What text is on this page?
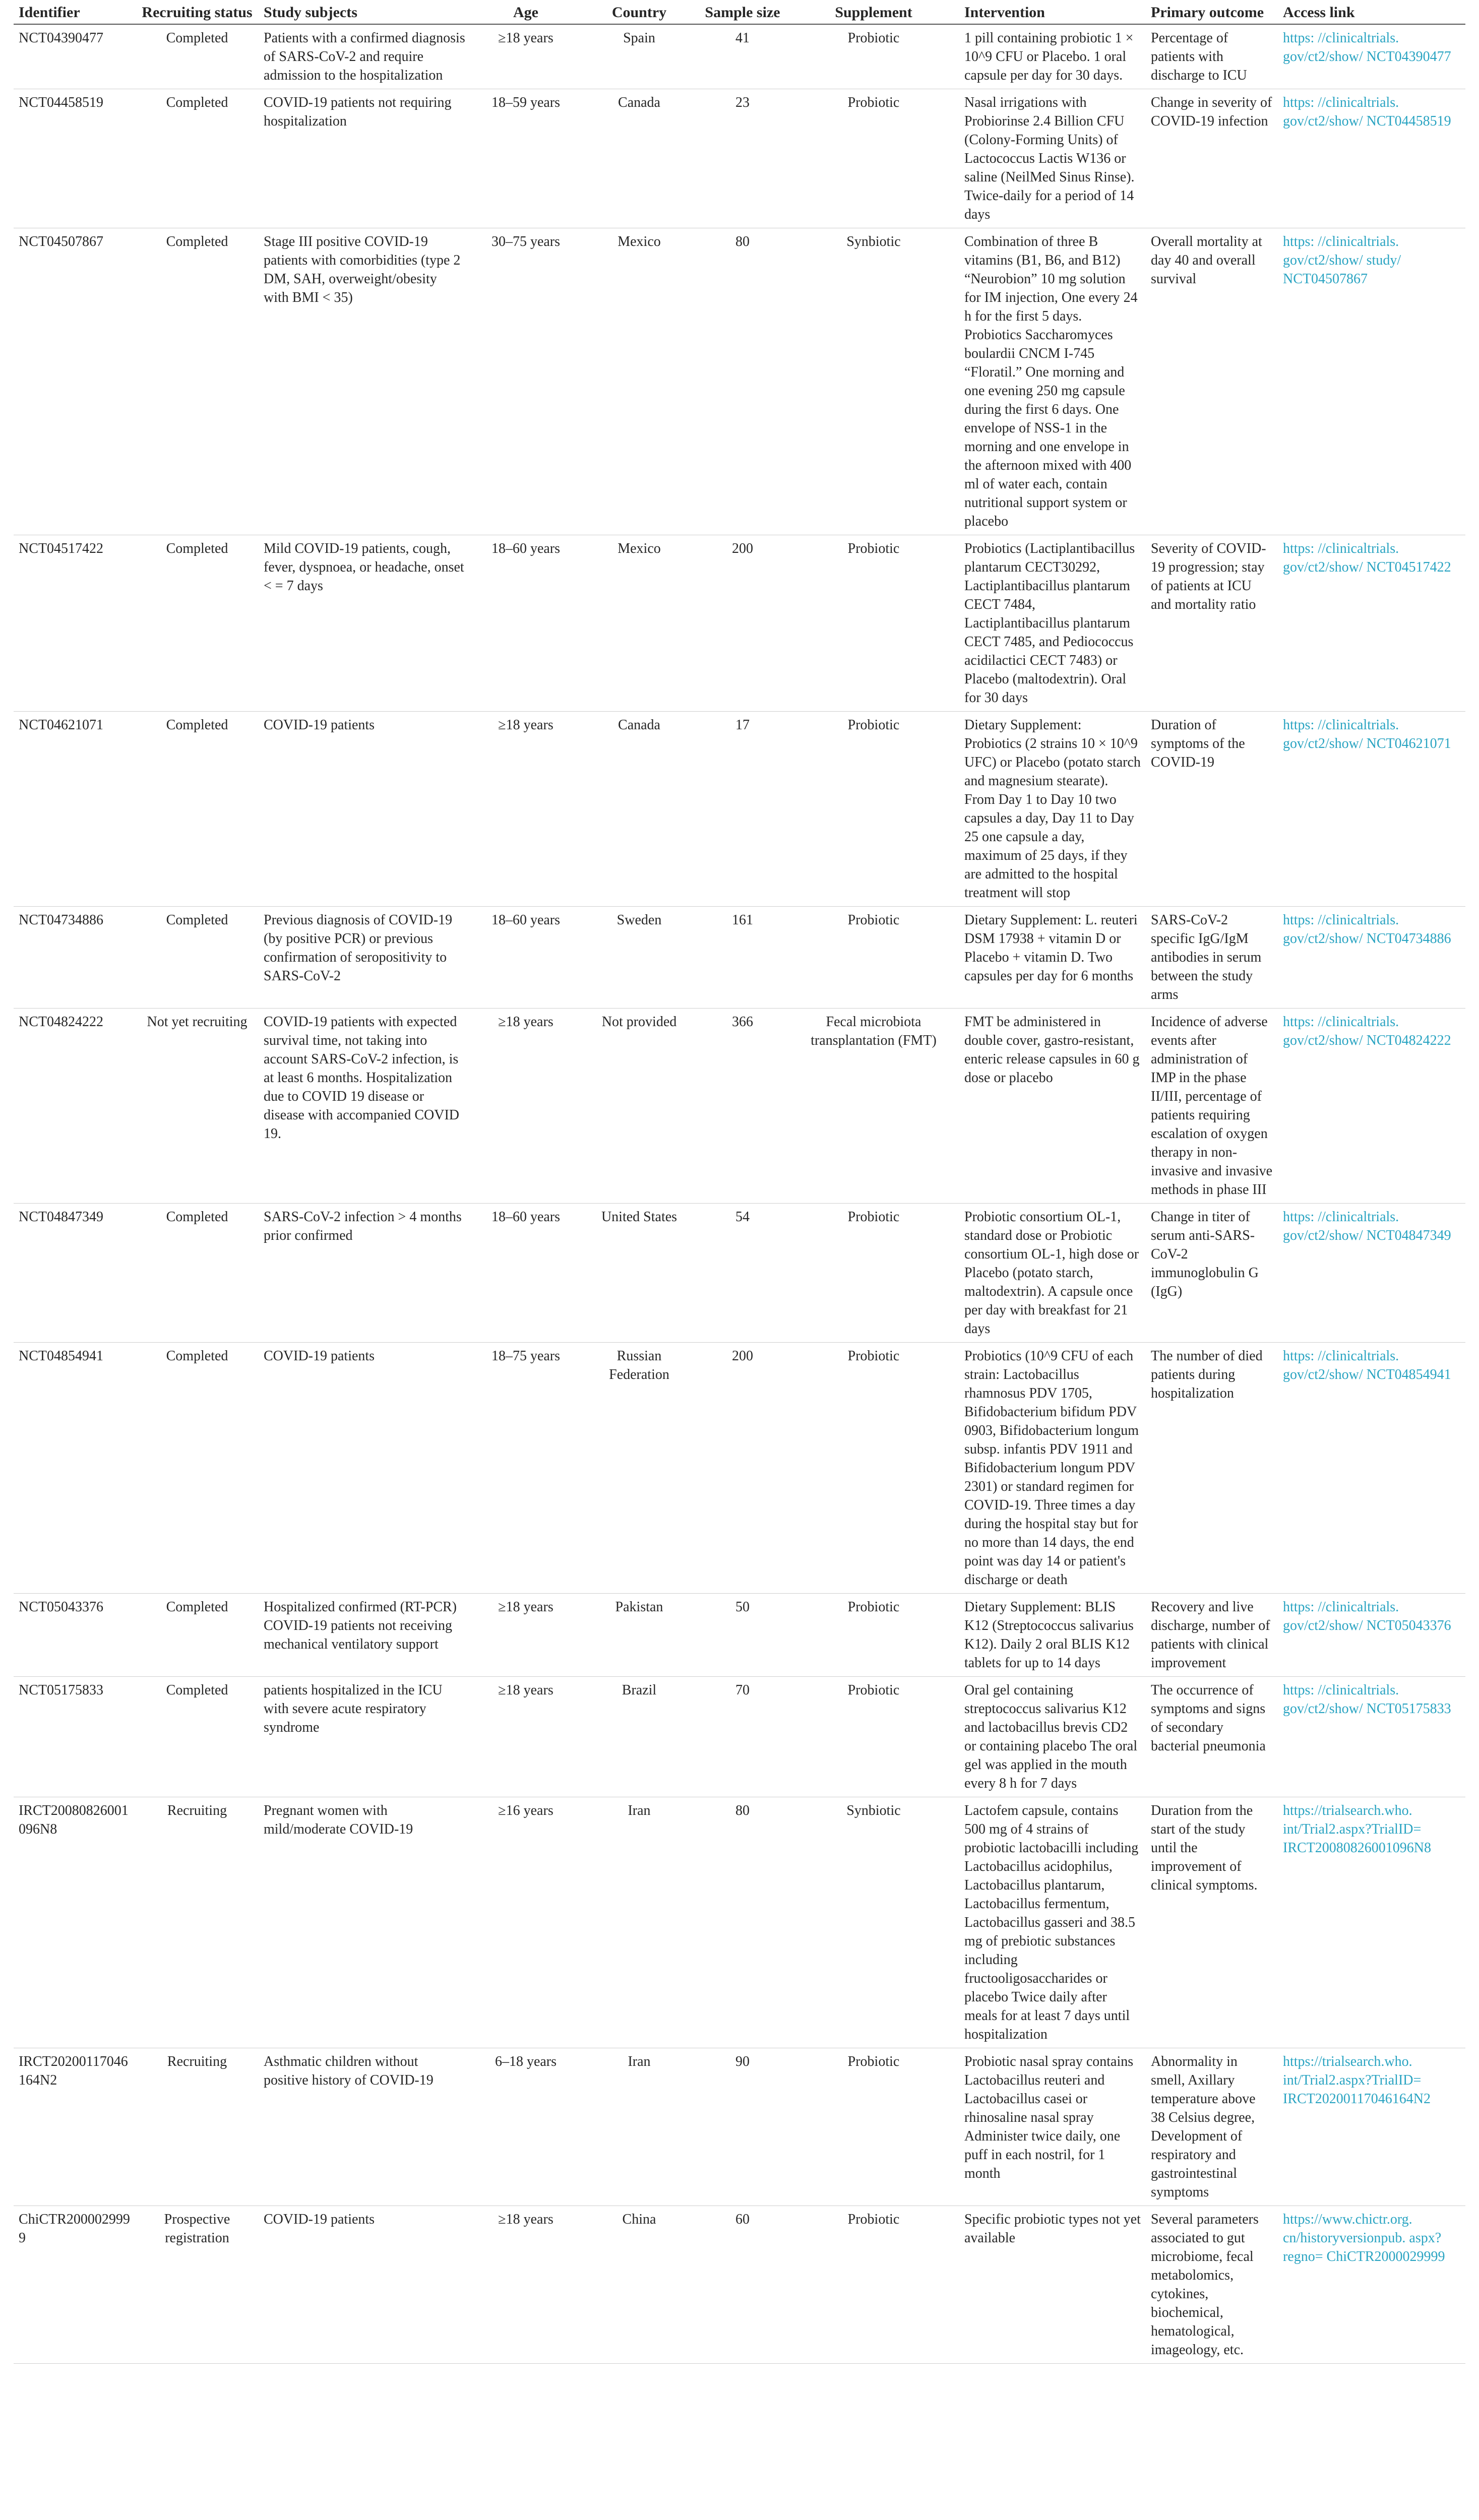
Identifier	Recruiting status	Study subjects	Age	Country	Sample size	Supplement	Intervention	Primary outcome	Access link
NCT04390477	Completed	Patients with a confirmed diagnosis of SARS-CoV-2 and require admission to the hospitalization	≥18 years	Spain	41	Probiotic	1 pill containing probiotic 1 × 10^9 CFU or Placebo. 1 oral capsule per day for 30 days.	Percentage of patients with discharge to ICU	https: //clinicaltrials. gov/ct2/show/ NCT04390477
NCT04458519	Completed	COVID-19 patients not requiring hospitalization	18–59 years	Canada	23	Probiotic	Nasal irrigations with Probiorinse 2.4 Billion CFU (Colony-Forming Units) of Lactococcus Lactis W136 or saline (NeilMed Sinus Rinse). Twice-daily for a period of 14 days	Change in severity of COVID-19 infection	https: //clinicaltrials. gov/ct2/show/ NCT04458519
NCT04507867	Completed	Stage III positive COVID-19 patients with comorbidities (type 2 DM, SAH, overweight/obesity with BMI < 35)	30–75 years	Mexico	80	Synbiotic	Combination of three B vitamins (B1, B6, and B12) “Neurobion” 10 mg solution for IM injection, One every 24 h for the first 5 days. Probiotics Saccharomyces boulardii CNCM I-745 “Floratil.” One morning and one evening 250 mg capsule during the first 6 days. One envelope of NSS-1 in the morning and one envelope in the afternoon mixed with 400 ml of water each, contain nutritional support system or placebo	Overall mortality at day 40 and overall survival	https: //clinicaltrials. gov/ct2/show/ study/ NCT04507867
NCT04517422	Completed	Mild COVID-19 patients, cough, fever, dyspnoea, or headache, onset < = 7 days	18–60 years	Mexico	200	Probiotic	Probiotics (Lactiplantibacillus plantarum CECT30292, Lactiplantibacillus plantarum CECT 7484, Lactiplantibacillus plantarum CECT 7485, and Pediococcus acidilactici CECT 7483) or Placebo (maltodextrin). Oral for 30 days	Severity of COVID-19 progression; stay of patients at ICU and mortality ratio	https: //clinicaltrials. gov/ct2/show/ NCT04517422
NCT04621071	Completed	COVID-19 patients	≥18 years	Canada	17	Probiotic	Dietary Supplement: Probiotics (2 strains 10 × 10^9 UFC) or Placebo (potato starch and magnesium stearate). From Day 1 to Day 10 two capsules a day, Day 11 to Day 25 one capsule a day, maximum of 25 days, if they are admitted to the hospital treatment will stop	Duration of symptoms of the COVID-19	https: //clinicaltrials. gov/ct2/show/ NCT04621071
NCT04734886	Completed	Previous diagnosis of COVID-19 (by positive PCR) or previous confirmation of seropositivity to SARS-CoV-2	18–60 years	Sweden	161	Probiotic	Dietary Supplement: L. reuteri DSM 17938 + vitamin D or Placebo + vitamin D. Two capsules per day for 6 months	SARS-CoV-2 specific IgG/IgM antibodies in serum between the study arms	https: //clinicaltrials. gov/ct2/show/ NCT04734886
NCT04824222	Not yet recruiting	COVID-19 patients with expected survival time, not taking into account SARS-CoV-2 infection, is at least 6 months. Hospitalization due to COVID 19 disease or disease with accompanied COVID 19.	≥18 years	Not provided	366	Fecal microbiota transplantation (FMT)	FMT be administered in double cover, gastro-resistant, enteric release capsules in 60 g dose or placebo	Incidence of adverse events after administration of IMP in the phase II/III, percentage of patients requiring escalation of oxygen therapy in non-invasive and invasive methods in phase III	https: //clinicaltrials. gov/ct2/show/ NCT04824222
NCT04847349	Completed	SARS-CoV-2 infection > 4 months prior confirmed	18–60 years	United States	54	Probiotic	Probiotic consortium OL-1, standard dose or Probiotic consortium OL-1, high dose or Placebo (potato starch, maltodextrin). A capsule once per day with breakfast for 21 days	Change in titer of serum anti-SARS-CoV-2 immunoglobulin G (IgG)	https: //clinicaltrials. gov/ct2/show/ NCT04847349
NCT04854941	Completed	COVID-19 patients	18–75 years	Russian Federation	200	Probiotic	Probiotics (10^9 CFU of each strain: Lactobacillus rhamnosus PDV 1705, Bifidobacterium bifidum PDV 0903, Bifidobacterium longum subsp. infantis PDV 1911 and Bifidobacterium longum PDV 2301) or standard regimen for COVID-19. Three times a day during the hospital stay but for no more than 14 days, the end point was day 14 or patient's discharge or death	The number of died patients during hospitalization	https: //clinicaltrials. gov/ct2/show/ NCT04854941
NCT05043376	Completed	Hospitalized confirmed (RT-PCR) COVID-19 patients not receiving mechanical ventilatory support	≥18 years	Pakistan	50	Probiotic	Dietary Supplement: BLIS K12 (Streptococcus salivarius K12). Daily 2 oral BLIS K12 tablets for up to 14 days	Recovery and live discharge, number of patients with clinical improvement	https: //clinicaltrials. gov/ct2/show/ NCT05043376
NCT05175833	Completed	patients hospitalized in the ICU with severe acute respiratory syndrome	≥18 years	Brazil	70	Probiotic	Oral gel containing streptococcus salivarius K12 and lactobacillus brevis CD2 or containing placebo The oral gel was applied in the mouth every 8 h for 7 days	The occurrence of symptoms and signs of secondary bacterial pneumonia	https: //clinicaltrials. gov/ct2/show/ NCT05175833
IRCT20080826001096N8	Recruiting	Pregnant women with mild/moderate COVID-19	≥16 years	Iran	80	Synbiotic	Lactofem capsule, contains 500 mg of 4 strains of probiotic lactobacilli including Lactobacillus acidophilus, Lactobacillus plantarum, Lactobacillus fermentum, Lactobacillus gasseri and 38.5 mg of prebiotic substances including fructooligosaccharides or placebo Twice daily after meals for at least 7 days until hospitalization	Duration from the start of the study until the improvement of clinical symptoms.	https://trialsearch.who. int/Trial2.aspx?TrialID= IRCT20080826001096N8
IRCT20200117046164N2	Recruiting	Asthmatic children without positive history of COVID-19	6–18 years	Iran	90	Probiotic	Probiotic nasal spray contains Lactobacillus reuteri and Lactobacillus casei or rhinosaline nasal spray Administer twice daily, one puff in each nostril, for 1 month	Abnormality in smell, Axillary temperature above 38 Celsius degree, Development of respiratory and gastrointestinal symptoms	https://trialsearch.who. int/Trial2.aspx?TrialID= IRCT20200117046164N2
ChiCTR2000029999	Prospective registration	COVID-19 patients	≥18 years	China	60	Probiotic	Specific probiotic types not yet available	Several parameters associated to gut microbiome, fecal metabolomics, cytokines, biochemical, hematological, imageology, etc.	https://www.chictr.org. cn/historyversionpub. aspx?regno= ChiCTR2000029999
